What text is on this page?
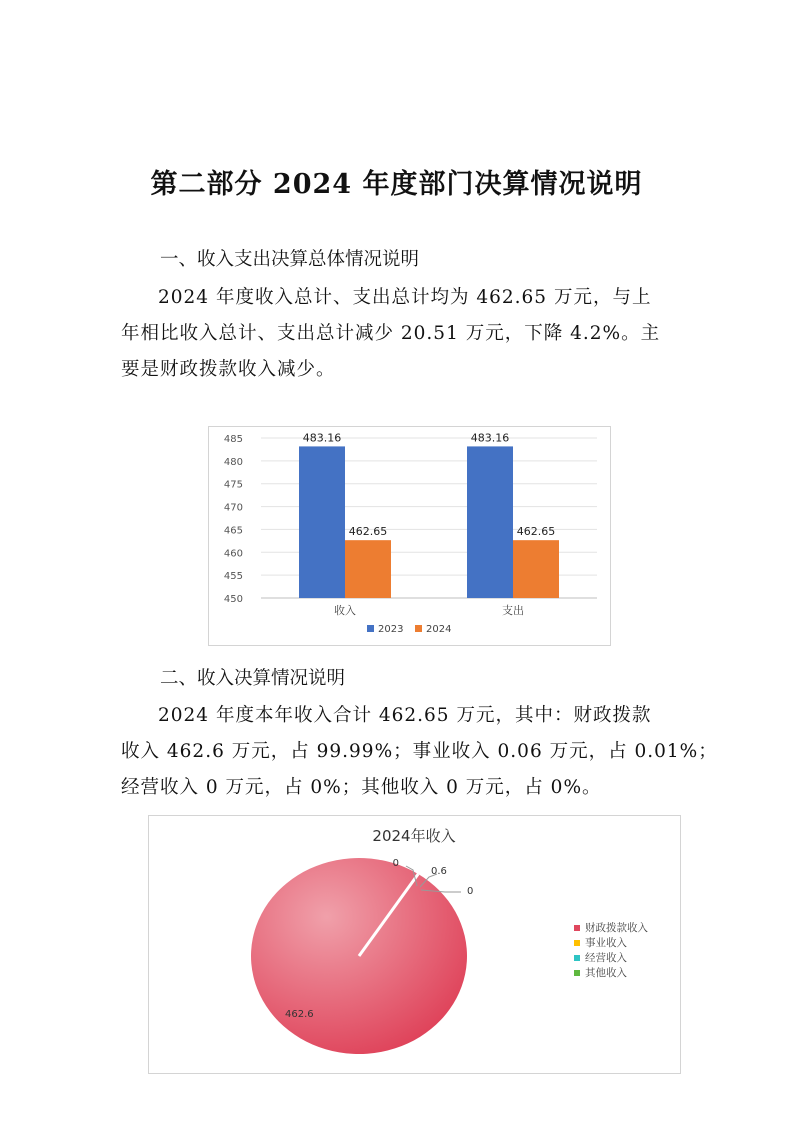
第二部分 2024 年度部门决算情况说明
一、收入支出决算总体情况说明
2024 年度收入总计、支出总计均为 462.65 万元，与上
年相比收入总计、支出总计减少 20.51 万元，下降 4.2%。主
要是财政拨款收入减少。
450
455
460
465
470
475
480
485	483.16
462.65
483.16
462.65
收入	支出
2023 2024
二、收入决算情况说明
2024 年度本年收入合计 462.65 万元，其中：财政拨款
收入 462.6 万元，占 99.99%；事业收入 0.06 万元，占 0.01%；
经营收入 0 万元，占 0%；其他收入 0 万元，占 0%。
2024年收入
0.6
0
0
462.6
财政拨款收入
事业收入
经营收入
其他收入
